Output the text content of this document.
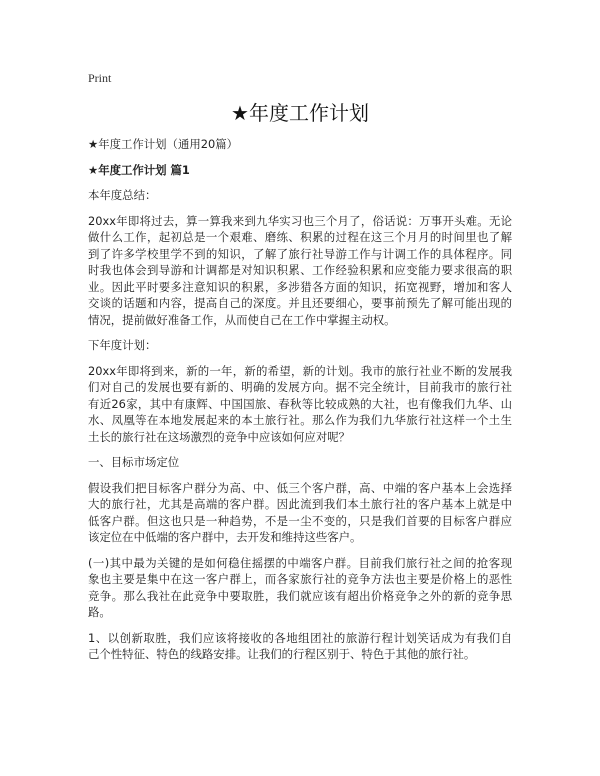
Print
★年度工作计划
★年度工作计划（通用20篇）
★年度工作计划 篇1
本年度总结：
20xx年即将过去，算一算我来到九华实习也三个月了，俗话说：万事开头难。无论
做什么工作，起初总是一个艰难、磨练、积累的过程在这三个月月的时间里也了解
到了许多学校里学不到的知识，了解了旅行社导游工作与计调工作的具体程序。同
时我也体会到导游和计调都是对知识积累、工作经验积累和应变能力要求很高的职
业。因此平时要多注意知识的积累，多涉猎各方面的知识，拓宽视野，增加和客人
交谈的话题和内容，提高自己的深度。并且还要细心，要事前预先了解可能出现的
情况，提前做好准备工作，从而使自己在工作中掌握主动权。
下年度计划：
20xx年即将到来，新的一年，新的希望，新的计划。我市的旅行社业不断的发展我
们对自己的发展也要有新的、明确的发展方向。据不完全统计，目前我市的旅行社
有近26家，其中有康辉、中国国旅、春秋等比较成熟的大社，也有像我们九华、山
水、凤凰等在本地发展起来的本土旅行社。那么作为我们九华旅行社这样一个土生
土长的旅行社在这场激烈的竞争中应该如何应对呢？
一、目标市场定位
假设我们把目标客户群分为高、中、低三个客户群，高、中端的客户基本上会选择
大的旅行社，尤其是高端的客户群。因此流到我们本土旅行社的客户基本上就是中
低客户群。但这也只是一种趋势，不是一尘不变的，只是我们首要的目标客户群应
该定位在中低端的客户群中，去开发和维持这些客户。
(一)其中最为关键的是如何稳住摇摆的中端客户群。目前我们旅行社之间的抢客现
象也主要是集中在这一客户群上，而各家旅行社的竞争方法也主要是价格上的恶性
竞争。那么我社在此竞争中要取胜，我们就应该有超出价格竞争之外的新的竞争思
路。
1、以创新取胜，我们应该将接收的各地组团社的旅游行程计划笑话成为有我们自
己个性特征、特色的线路安排。让我们的行程区别于、特色于其他的旅行社。
